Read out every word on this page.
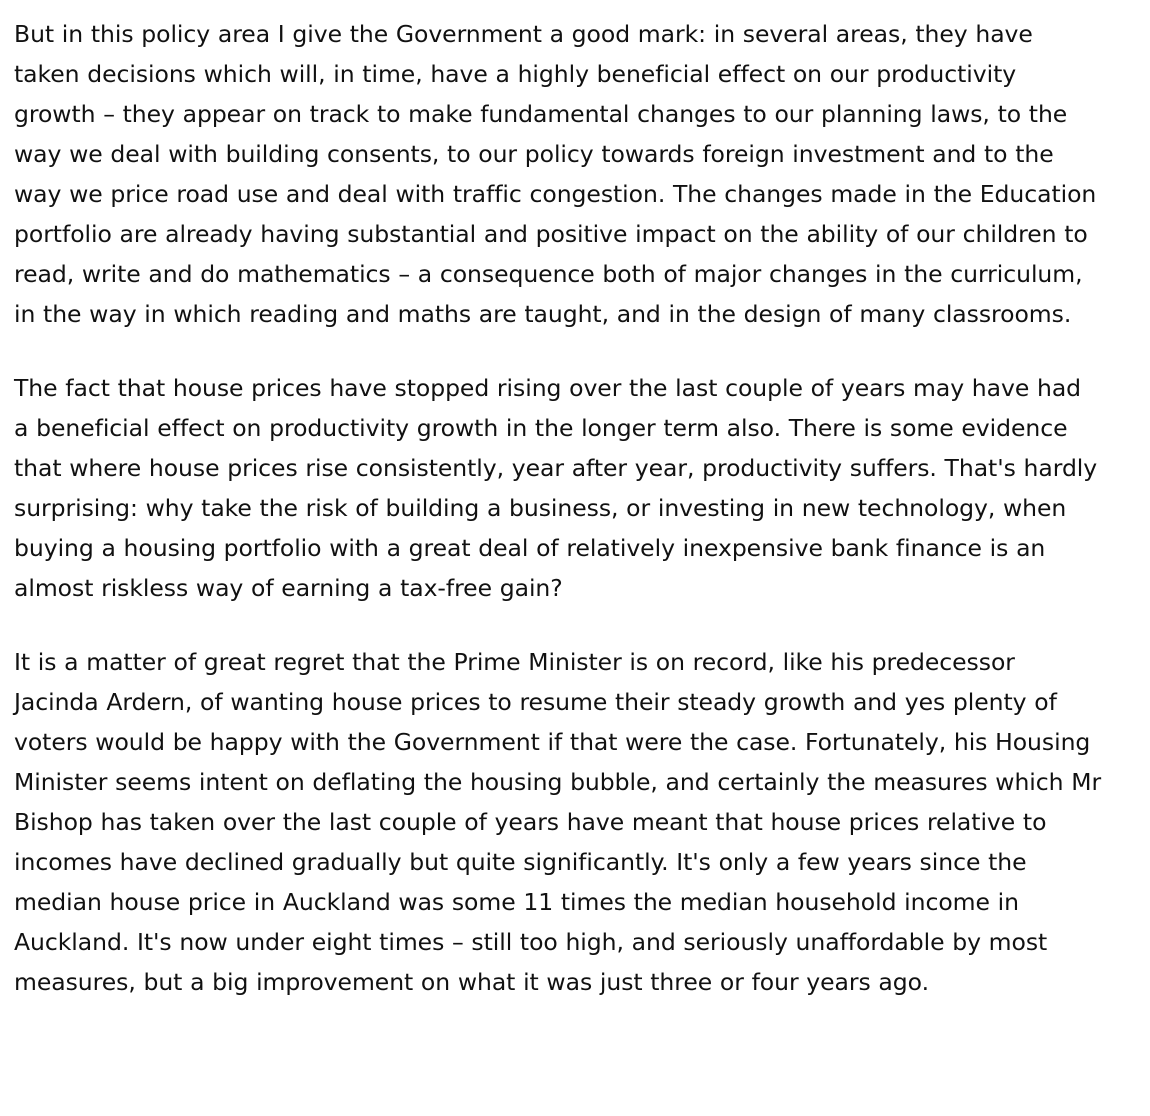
But in this policy area I give the Government a good mark: in several areas, they have taken decisions which will, in time, have a highly beneficial effect on our productivity growth – they appear on track to make fundamental changes to our planning laws, to the way we deal with building consents, to our policy towards foreign investment and to the way we price road use and deal with traffic congestion. The changes made in the Education portfolio are already having substantial and positive impact on the ability of our children to read, write and do mathematics – a consequence both of major changes in the curriculum, in the way in which reading and maths are taught, and in the design of many classrooms.

The fact that house prices have stopped rising over the last couple of years may have had a beneficial effect on productivity growth in the longer term also. There is some evidence that where house prices rise consistently, year after year, productivity suffers. That's hardly surprising: why take the risk of building a business, or investing in new technology, when buying a housing portfolio with a great deal of relatively inexpensive bank finance is an almost riskless way of earning a tax-free gain?

It is a matter of great regret that the Prime Minister is on record, like his predecessor Jacinda Ardern, of wanting house prices to resume their steady growth and yes plenty of voters would be happy with the Government if that were the case. Fortunately, his Housing Minister seems intent on deflating the housing bubble, and certainly the measures which Mr Bishop has taken over the last couple of years have meant that house prices relative to incomes have declined gradually but quite significantly. It's only a few years since the median house price in Auckland was some 11 times the median household income in Auckland. It's now under eight times – still too high, and seriously unaffordable by most measures, but a big improvement on what it was just three or four years ago.
